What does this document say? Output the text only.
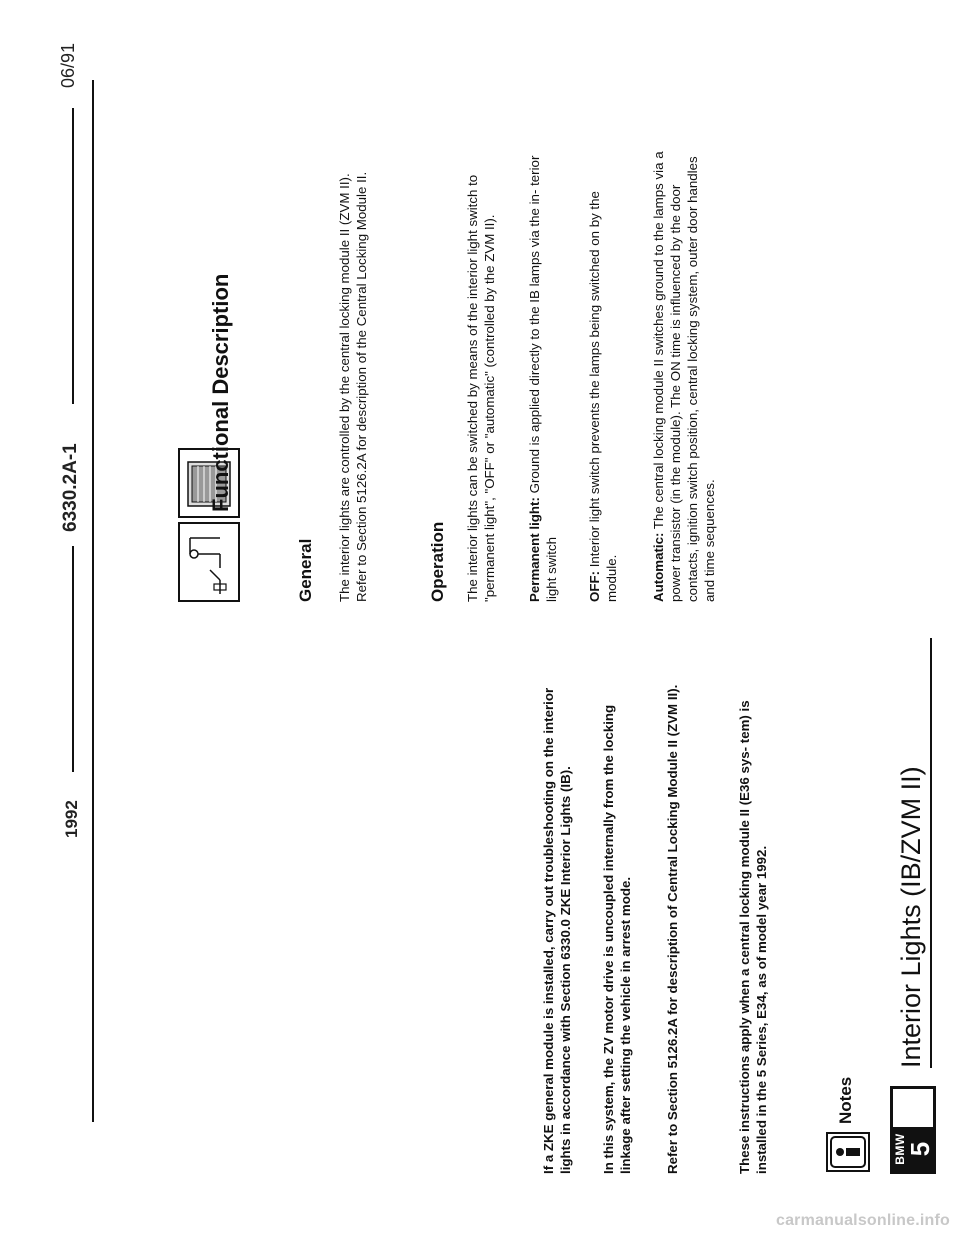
06/91
6330.2A-1
1992
BMW
5
Interior Lights (IB/ZVM II)
Notes
These instructions apply when a central locking module II (E36 sys- tem) is installed in the 5 Series, E34, as of model year 1992.
Refer to Section 5126.2A for description of Central Locking Module II (ZVM II).
In this system, the ZV motor drive is uncoupled internally from the locking linkage after setting the vehicle in arrest mode.
If a ZKE general module is installed, carry out troubleshooting on the interior lights in accordance with Section 6330.0 ZKE Interior Lights (IB).
Functional Description
General The interior lights are controlled by the central locking module II (ZVM II). Refer to Section 5126.2A for description of the Central Locking Module II.	Operation The interior lights can be switched by means of the interior light switch to "permanent light", "OFF" or "automatic" (controlled by the ZVM II). Permanent light: Ground is applied directly to the IB lamps via the in- terior light switch OFF: Interior light switch prevents the lamps being switched on by the module. Automatic: The central locking module II switches ground to the lamps via a power transistor (in the module). The ON time is influenced by the door contacts, ignition switch position, central locking system, outer door handles and time sequences.
carmanualsonline.info
